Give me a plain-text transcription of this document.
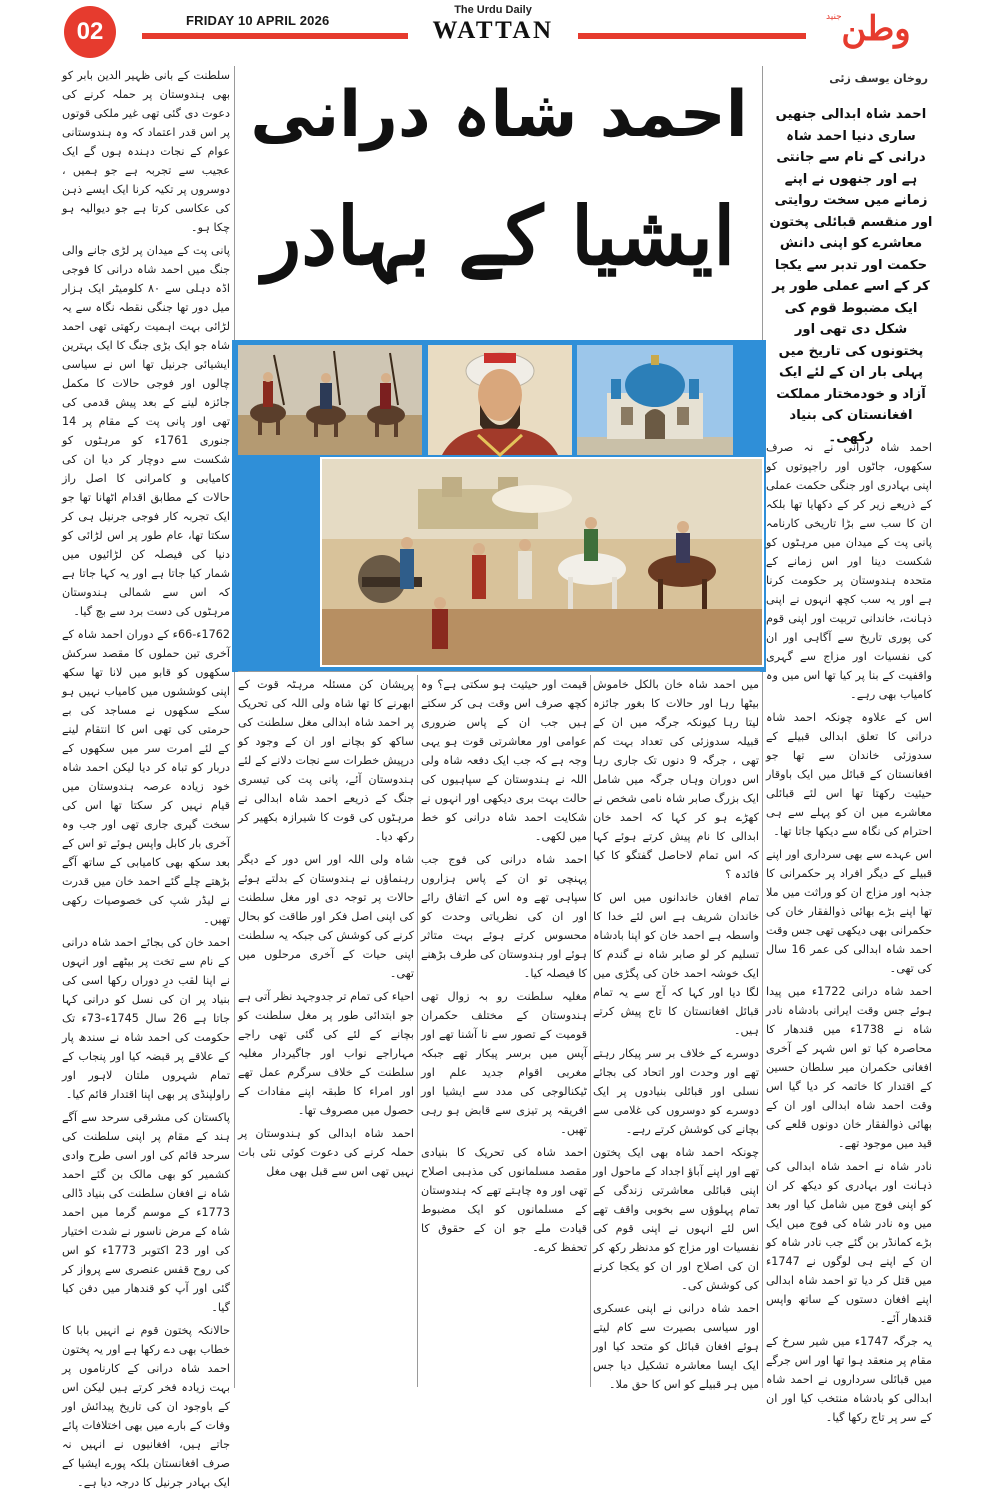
02	FRIDAY 10 APRIL 2026
The Urdu Daily
WATTAN	جنید وطن

سلطنت کے بانی ظہیر الدین بابر کو بھی ہندوستان پر حملہ کرنے کی دعوت دی گئی تھی غیر ملکی قوتوں پر اس قدر اعتماد کہ وہ ہندوستانی عوام کے نجات دہندہ ہوں گے ایک عجیب سے تجربہ ہے جو ہمیں ، دوسروں پر تکیہ کرنا ایک ایسے ذہن کی عکاسی کرتا ہے جو دیوالیہ ہو چکا ہو۔

پانی پت کے میدان پر لڑی جانے والی جنگ میں احمد شاہ درانی کا فوجی اڈہ دہلی سے ۸۰ کلومیٹر ایک ہزار میل دور تھا جنگی نقطہ نگاہ سے یہ لڑائی بہت اہمیت رکھتی تھی احمد شاہ جو ایک بڑی جنگ کا ایک بہترین ایشیائی جرنیل تھا اس نے سیاسی چالوں اور فوجی حالات کا مکمل جائزہ لینے کے بعد پیش قدمی کی تھی اور پانی پت کے مقام پر 14 جنوری 1761ء کو مرہٹوں کو شکست سے دوچار کر دیا ان کی کامیابی و کامرانی کا اصل راز حالات کے مطابق اقدام اٹھانا تھا جو ایک تجربہ کار فوجی جرنیل ہی کر سکتا تھا، عام طور پر اس لڑائی کو دنیا کی فیصلہ کن لڑائیوں میں شمار کیا جاتا ہے اور یہ کہا جاتا ہے کہ اس سے شمالی ہندوستان مرہٹوں کی دست برد سے بچ گیا۔

1762ء-66ء کے دوران احمد شاہ کے آخری تین حملوں کا مقصد سرکش سکھوں کو قابو میں لانا تھا سکھ اپنی کوششوں میں کامیاب نہیں ہو سکے سکھوں نے مساجد کی بے حرمتی کی تھی اس کا انتقام لینے کے لئے امرت سر میں سکھوں کے دربار کو تباہ کر دیا لیکن احمد شاہ خود زیادہ عرصہ ہندوستان میں قیام نہیں کر سکتا تھا اس کی سخت گیری جاری تھی اور جب وہ آخری بار کابل واپس ہوئے تو اس کے بعد سکھ بھی کامیابی کے ساتھ آگے بڑھتے چلے گئے احمد خان میں قدرت نے لیڈر شپ کی خصوصیات رکھی تھیں۔

احمد خان کی بجائے احمد شاہ درانی کے نام سے تخت پر بیٹھے اور انہوں نے اپنا لقب درِ دوراں رکھا اسی کی بنیاد پر ان کی نسل کو درانی کہا جاتا ہے 26 سال 1745ء-73ء تک حکومت کی احمد شاہ نے سندھ پار کے علاقے پر قبضہ کیا اور پنجاب کے تمام شہروں ملتان لاہور اور راولپنڈی پر بھی اپنا اقتدار قائم کیا۔

پاکستان کی مشرقی سرحد سے آگے ہند کے مقام پر اپنی سلطنت کی سرحد قائم کی اور اسی طرح وادی کشمیر کو بھی مالک بن گئے احمد شاہ نے افغان سلطنت کی بنیاد ڈالی 1773ء کے موسم گرما میں احمد شاہ کے مرض ناسور نے شدت اختیار کی اور 23 اکتوبر 1773ء کو اس کی روح قفس عنصری سے پرواز کر گئی اور آپ کو قندھار میں دفن کیا گیا۔

حالانکہ پختون قوم نے انہیں بابا کا خطاب بھی دے رکھا ہے اور یہ پختون احمد شاہ درانی کے کارناموں پر بہت زیادہ فخر کرتے ہیں لیکن اس کے باوجود ان کی تاریخ پیدائش اور وفات کے بارے میں بھی اختلافات پائے جاتے ہیں، افغانیوں نے انہیں نہ صرف افغانستان بلکہ پورے ایشیا کے ایک بہادر جرنیل کا درجہ دیا ہے۔

احمد شاہ درانی
ایشیا کے بہادر
روخان یوسف زئی
احمد شاہ ابدالی جنھیں ساری دنیا احمد شاہ درانی کے نام سے جانتی ہے اور جنھوں نے اپنے زمانے میں سخت روایتی اور منقسم قبائلی پختون معاشرے کو اپنی دانش حکمت اور تدبر سے یکجا کر کے اسے عملی طور پر ایک مضبوط قوم کی شکل دی تھی اور پختونوں کی تاریخ میں پہلی بار ان کے لئے ایک آزاد و خودمختار مملکت افغانستان کی بنیاد رکھی۔

احمد شاہ درانی نے نہ صرف سکھوں، جاٹوں اور راجپوتوں کو اپنی بہادری اور جنگی حکمت عملی کے ذریعے زیر کر کے دکھایا تھا بلکہ ان کا سب سے بڑا تاریخی کارنامہ پانی پت کے میدان میں مرہٹوں کو شکست دینا اور اس زمانے کے متحدہ ہندوستان پر حکومت کرنا ہے اور یہ سب کچھ انہوں نے اپنی ذہانت، خاندانی تربیت اور اپنی قوم کی پوری تاریخ سے آگاہی اور ان کی نفسیات اور مزاج سے گہری واقفیت کے بنا پر کیا تھا اس میں وہ کامیاب بھی رہے۔

اس کے علاوہ چونکہ احمد شاہ درانی کا تعلق ابدالی قبیلے کے سدوزئی خاندان سے تھا جو افغانستان کے قبائل میں ایک باوقار حیثیت رکھتا تھا اس لئے قبائلی معاشرے میں ان کو پہلے سے ہی احترام کی نگاہ سے دیکھا جاتا تھا۔

اس عہدے سے بھی سرداری اور اپنے قبیلے کے دیگر افراد پر حکمرانی کا جذبہ اور مزاج ان کو وراثت میں ملا تھا اپنے بڑے بھائی ذوالفقار خان کی حکمرانی بھی دیکھی تھی جس وقت احمد شاہ ابدالی کی عمر 16 سال کی تھی۔

احمد شاہ درانی 1722ء میں پیدا ہوئے جس وقت ایرانی بادشاہ نادر شاہ نے 1738ء میں قندھار کا محاصرہ کیا تو اس شہر کے آخری افغانی حکمران میر سلطان حسین کے اقتدار کا خاتمہ کر دیا گیا اس وقت احمد شاہ ابدالی اور ان کے بھائی ذوالفقار خان دونوں قلعے کی قید میں موجود تھے۔

نادر شاہ نے احمد شاہ ابدالی کی ذہانت اور بہادری کو دیکھ کر ان کو اپنی فوج میں شامل کیا اور بعد میں وہ نادر شاہ کی فوج میں ایک بڑے کمانڈر بن گئے جب نادر شاہ کو ان کے اپنے ہی لوگوں نے 1747ء میں قتل کر دیا تو احمد شاہ ابدالی اپنے افغان دستوں کے ساتھ واپس قندھار آئے۔

یہ جرگہ 1747ء میں شیر سرخ کے مقام پر منعقد ہوا تھا اور اس جرگے میں قبائلی سرداروں نے احمد شاہ ابدالی کو بادشاہ منتخب کیا اور ان کے سر پر تاج رکھا گیا۔

میں احمد شاہ خان بالکل خاموش بیٹھا رہا اور حالات کا بغور جائزہ لیتا رہا کیونکہ جرگہ میں ان کے قبیلہ سدوزئی کی تعداد بہت کم تھی ، جرگہ 9 دنوں تک جاری رہا اس دوران وہاں جرگہ میں شامل ایک بزرگ صابر شاہ نامی شخص نے کھڑے ہو کر کہا کہ احمد خان ابدالی کا نام پیش کرتے ہوئے کہا کہ اس تمام لاحاصل گفتگو کا کیا فائدہ ؟

تمام افغان خاندانوں میں اس کا خاندان شریف ہے اس لئے خدا کا واسطہ ہے احمد خان کو اپنا بادشاہ تسلیم کر لو صابر شاہ نے گندم کا ایک خوشہ احمد خان کی پگڑی میں لگا دیا اور کہا کہ آج سے یہ تمام قبائل افغانستان کا تاج پیش کرتے ہیں۔

دوسرے کے خلاف بر سر پیکار رہتے تھے اور وحدت اور اتحاد کی بجائے نسلی اور قبائلی بنیادوں پر ایک دوسرے کو دوسروں کی غلامی سے بچانے کی کوشش کرتے رہے۔

چونکہ احمد شاہ بھی ایک پختون تھے اور اپنے آباؤ اجداد کے ماحول اور اپنی قبائلی معاشرتی زندگی کے تمام پہلوؤں سے بخوبی واقف تھے اس لئے انہوں نے اپنی قوم کی نفسیات اور مزاج کو مدنظر رکھ کر ان کی اصلاح اور ان کو یکجا کرنے کی کوشش کی۔

احمد شاہ درانی نے اپنی عسکری اور سیاسی بصیرت سے کام لیتے ہوئے افغان قبائل کو متحد کیا اور ایک ایسا معاشرہ تشکیل دیا جس میں ہر قبیلے کو اس کا حق ملا۔

قیمت اور حیثیت ہو سکتی ہے؟ وہ کچھ صرف اس وقت ہی کر سکتے ہیں جب ان کے پاس ضروری عوامی اور معاشرتی قوت ہو یہی وجہ ہے کہ جب ایک دفعہ شاہ ولی اللہ نے ہندوستان کے سپاہیوں کی حالت بہت بری دیکھی اور انہوں نے شکایت احمد شاہ درانی کو خط میں لکھی۔

احمد شاہ درانی کی فوج جب پہنچی تو ان کے پاس ہزاروں سپاہی تھے وہ اس کے اتفاق رائے اور ان کی نظریاتی وحدت کو محسوس کرتے ہوئے بہت متاثر ہوئے اور ہندوستان کی طرف بڑھنے کا فیصلہ کیا۔

مغلیہ سلطنت رو بہ زوال تھی ہندوستان کے مختلف حکمران قومیت کے تصور سے نا آشنا تھے اور آپس میں برسر پیکار تھے جبکہ مغربی اقوام جدید علم اور ٹیکنالوجی کی مدد سے ایشیا اور افریقہ پر تیزی سے قابض ہو رہی تھیں۔

احمد شاہ کی تحریک کا بنیادی مقصد مسلمانوں کی مذہبی اصلاح تھی اور وہ چاہتے تھے کہ ہندوستان کے مسلمانوں کو ایک مضبوط قیادت ملے جو ان کے حقوق کا تحفظ کرے۔

پریشان کن مسئلہ مرہٹہ قوت کے ابھرنے کا تھا شاہ ولی اللہ کی تحریک پر احمد شاہ ابدالی مغل سلطنت کی ساکھ کو بچانے اور ان کے وجود کو درپیش خطرات سے نجات دلانے کے لئے ہندوستان آئے، پانی پت کی تیسری جنگ کے ذریعے احمد شاہ ابدالی نے مرہٹوں کی قوت کا شیرازہ بکھیر کر رکھ دیا۔

شاہ ولی اللہ اور اس دور کے دیگر رہنماؤں نے ہندوستان کے بدلتے ہوئے حالات پر توجہ دی اور مغل سلطنت کی اپنی اصل فکر اور طاقت کو بحال کرنے کی کوشش کی جبکہ یہ سلطنت اپنی حیات کے آخری مرحلوں میں تھی۔

احیاء کی تمام تر جدوجہد نظر آتی ہے جو ابتدائی طور پر مغل سلطنت کو بچانے کے لئے کی گئی تھی راجے مہاراجے نواب اور جاگیردار مغلیہ سلطنت کے خلاف سرگرم عمل تھے اور امراء کا طبقہ اپنے مفادات کے حصول میں مصروف تھا۔

احمد شاہ ابدالی کو ہندوستان پر حملہ کرنے کی دعوت کوئی نئی بات نہیں تھی اس سے قبل بھی مغل
